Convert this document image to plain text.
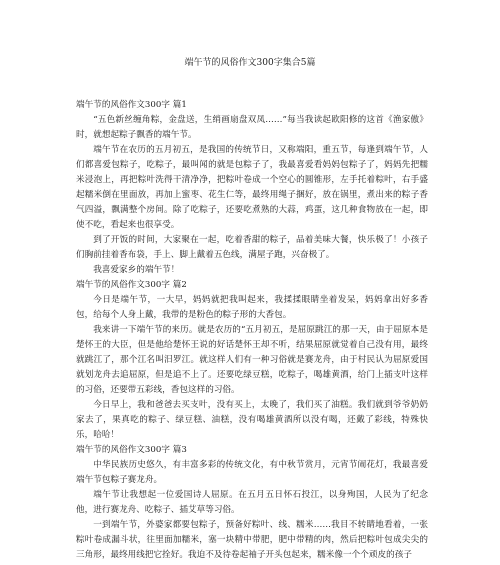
端午节的风俗作文300字集合5篇

端午节的风俗作文300字 篇1

“五色新丝缠角粽，金盘送，生绡画扇盘双凤……”每当我读起欧阳修的这首《渔家傲》时，就想起粽子飘香的端午节。

端午节在农历的五月初五，是我国的传统节日，又称端阳，重五节，每逢到端午节，人们都喜爱包粽子，吃粽子，最叫闻的就是包粽子了，我最喜爱看妈妈包粽子了，妈妈先把糯米浸泡上，再把粽叶洗得干清净净，把粽叶卷成一个空心的圆锥形，左手托着粽叶，右手盛起糯米倒在里面放，再加上蜜枣、花生仁等，最终用绳子捆好，放在锅里，煮出来的粽子香气四溢，飘满整个房间。除了吃粽子，还要吃煮熟的大蒜，鸡蛋，这几种食物放在一起，即使不吃，看起来也很享受。

到了开饭的时间，大家聚在一起，吃着香甜的粽子，品着美味大餐，快乐极了！小孩子们胸前挂着香布袋，手上、脚上戴着五色线，满屋子跑，兴奋极了。

我喜爱家乡的端午节！

端午节的风俗作文300字 篇2

今日是端午节，一大早，妈妈就把我叫起来，我揉揉眼睛坐着发呆，妈妈拿出好多香包，给每个人身上戴，我带的是粉色的粽子形的大香包。

我来讲一下端午节的来历。就是农历的“五月初五，是屈原跳江的那一天，由于屈原本是楚怀王的大臣，但是他给楚怀王说的好话楚怀王却不听，结果屈原就觉着自己没有用，最终就跳江了，那个江名叫汨罗江。就这样人们有一种习俗就是赛龙舟，由于村民认为屈原爱国就划龙舟去追屈原，但是追不上了。还要吃绿豆糕，吃粽子，喝雄黄酒，给门上插支叶这样的习俗，还要带五彩线，香包这样的习俗。

今日早上，我和爸爸去买支叶，没有买上，太晚了，我们买了油糕。我们就到爷爷奶奶家去了，果真吃的粽子、绿豆糕、油糕，没有喝雄黄酒所以没有喝，还戴了彩线，特殊快乐，哈哈！

端午节的风俗作文300字 篇3

中华民族历史悠久，有丰富多彩的传统文化，有中秋节赏月，元宵节闹花灯，我最喜爱端午节包粽子赛龙舟。

端午节让我想起一位爱国诗人屈原。在五月五日怀石投江，以身殉国，人民为了纪念他，进行赛龙舟、吃粽子、插艾草等习俗。

一到端午节，外婆家都要包粽子，预备好粽叶、线、糯米……我目不转睛地看着，一张粽叶卷成漏斗状，往里面加糯米，塞一块精中带肥，肥中带精的肉，然后把粽叶包成尖尖的三角形，最终用线把它拴好。我迫不及待卷起袖子开头包起来，糯米像一个个顽皮的孩子
